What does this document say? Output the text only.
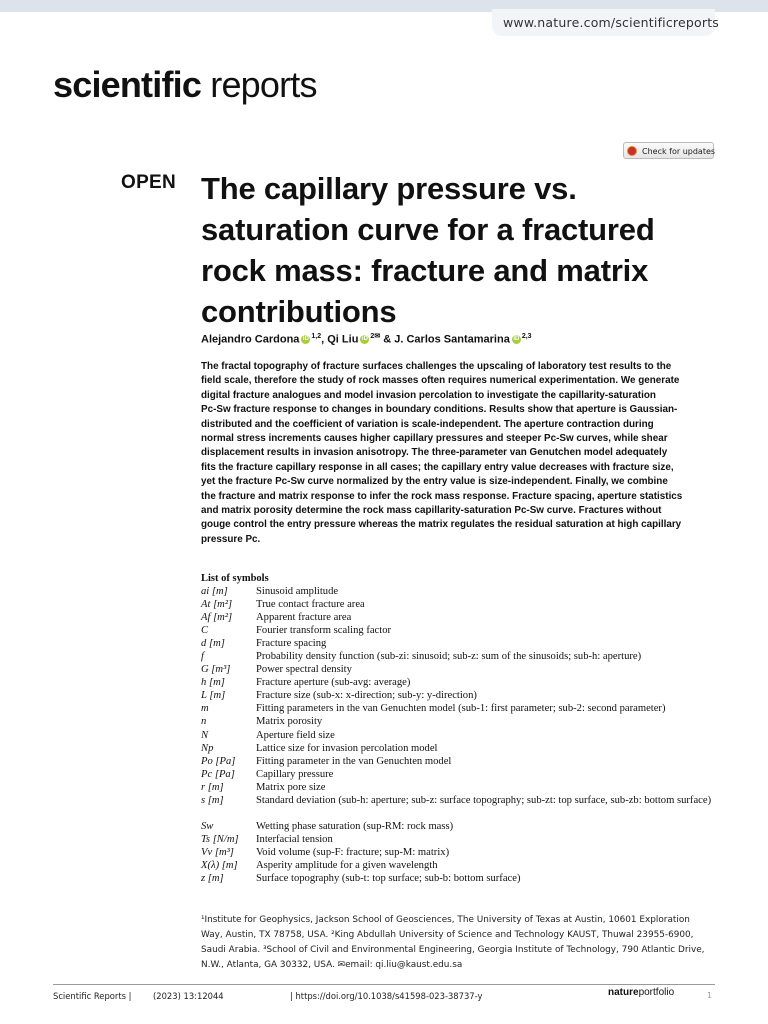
www.nature.com/scientificreports
scientific reports
Check for updates
OPEN The capillary pressure vs.
saturation curve for a fractured
rock mass: fracture and matrix
contributions
Alejandro Cardona iD $^{1,2}$, Qi Liu iD $^{2✉}$ & J. Carlos Santamarina iD $^{2,3}$
The fractal topography of fracture surfaces challenges the upscaling of laboratory test results to the
field scale, therefore the study of rock masses often requires numerical experimentation. We generate
digital fracture analogues and model invasion percolation to investigate the capillarity-saturation
Pc-Sw fracture response to changes in boundary conditions. Results show that aperture is Gaussian-
distributed and the coefficient of variation is scale-independent. The aperture contraction during
normal stress increments causes higher capillary pressures and steeper Pc-Sw curves, while shear
displacement results in invasion anisotropy. The three-parameter van Genutchen model adequately
fits the fracture capillary response in all cases; the capillary entry value decreases with fracture size,
yet the fracture Pc-Sw curve normalized by the entry value is size-independent. Finally, we combine
the fracture and matrix response to infer the rock mass response. Fracture spacing, aperture statistics
and matrix porosity determine the rock mass capillarity-saturation Pc-Sw curve. Fractures without
gouge control the entry pressure whereas the matrix regulates the residual saturation at high capillary
pressure Pc.
List of symbols
ai [m]	Sinusoid amplitude
At [m²] True contact fracture area
Af [m²] Apparent fracture area
C	Fourier transform scaling factor
d [m]	Fracture spacing
f	Probability density function (sub-zi: sinusoid; sub-z: sum of the sinusoids; sub-h: aperture)
G [m³] Power spectral density
h [m]	Fracture aperture (sub-avg: average)
L [m]	Fracture size (sub-x: x-direction; sub-y: y-direction)
m	Fitting parameters in the van Genuchten model (sub-1: first parameter; sub-2: second parameter)
n	Matrix porosity
N	Aperture field size
Np	Lattice size for invasion percolation model
Po [Pa] Fitting parameter in the van Genuchten model
Pc [Pa] Capillary pressure
r [m]	Matrix pore size
s [m]	Standard deviation (sub-h: aperture; sub-z: surface topography; sub-zt: top surface, sub-zb: bottom surface)
Sw	Wetting phase saturation (sup-RM: rock mass)
Ts [N/m] Interfacial tension
Vv [m³] Void volume (sup-F: fracture; sup-M: matrix)
X(λ) [m] Asperity amplitude for a given wavelength
z [m]	Surface topography (sub-t: top surface; sub-b: bottom surface)
¹Institute for Geophysics, Jackson School of Geosciences, The University of Texas at Austin, 10601 Exploration
Way, Austin, TX 78758, USA. ²King Abdullah University of Science and Technology KAUST, Thuwal 23955-6900,
Saudi Arabia. ³School of Civil and Environmental Engineering, Georgia Institute of Technology, 790 Atlantic Drive,
N.W., Atlanta, GA 30332, USA. ✉email: qi.liu@kaust.edu.sa
Scientific Reports |	(2023) 13:12044	| https://doi.org/10.1038/s41598-023-38737-y	natureportfolio	1
